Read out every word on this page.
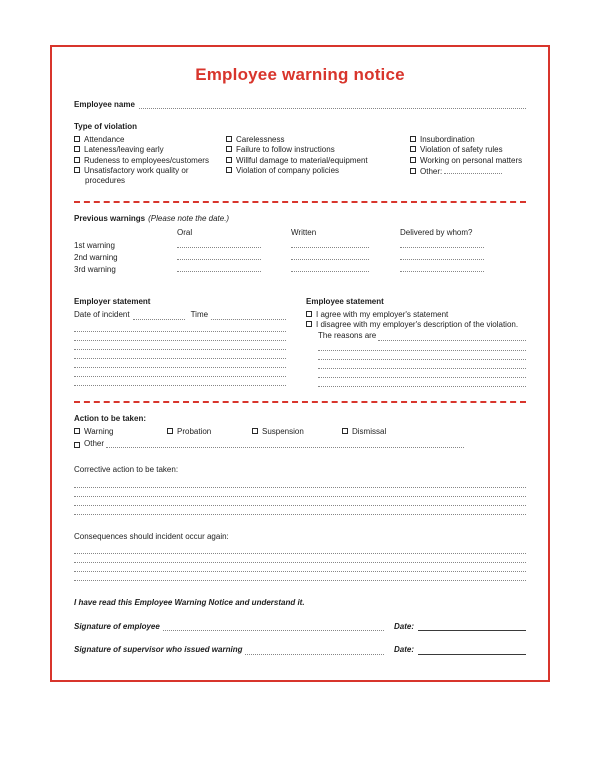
Employee warning notice
Employee name
Type of violation
Attendance
Lateness/leaving early
Rudeness to employees/customers
Unsatisfactory work quality or procedures
Carelessness
Failure to follow instructions
Willful damage to material/equipment
Violation of company policies
Insubordination
Violation of safety rules
Working on personal matters
Other:
Previous warnings (Please note the date.)
Oral	Written	Delivered by whom?
1st warning
2nd warning
3rd warning
Employer statement
Date of incident	Time
Employee statement
I agree with my employer's statement
I disagree with my employer's description of the violation.
The reasons are
Action to be taken:
Warning	Probation	Suspension	Dismissal
Other
Corrective action to be taken:
Consequences should incident occur again:
I have read this Employee Warning Notice and understand it.
Signature of employee	Date:
Signature of supervisor who issued warning	Date:
